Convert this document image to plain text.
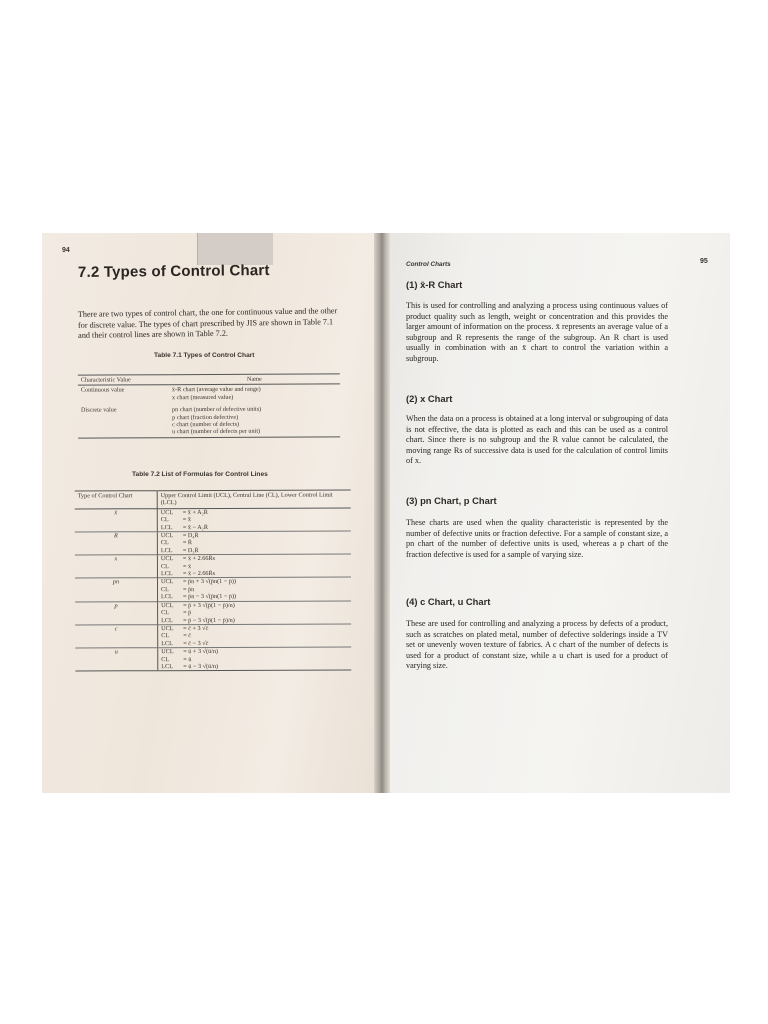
94
7.2 Types of Control Chart

There are two types of control chart, the one for continuous value and the other for discrete value. The types of chart prescribed by JIS are shown in Table 7.1 and their control lines are shown in Table 7.2.

Table 7.1 Types of Control Chart
Characteristic Value	Name
Continuous value	x̄-R chart (average value and range)
x chart (measured value)

Discrete value	pn chart (number of defective units)
p chart (fraction defective)
c chart (number of defects)
u chart (number of defects per unit)
Table 7.2 List of Formulas for Control Lines
Type of Control Chart	Upper Control Limit (UCL), Central Line (CL), Lower Control Limit (LCL)
x̄	UCL = x̄̄ + A₂R̄
CL = x̄̄
LCL = x̄̄ − A₂R̄

R	UCL = D₄R̄
CL = R̄
LCL = D₃R̄

x	UCL = x̄ + 2.66R̄s
CL = x̄
LCL = x̄ − 2.66R̄s

pn	UCL = p̄n + 3 √(p̄n(1 − p̄))
CL = p̄n
LCL = p̄n − 3 √(p̄n(1 − p̄))

p	UCL = p̄ + 3 √(p̄(1 − p̄)/n)
CL = p̄
LCL = p̄ − 3 √(p̄(1 − p̄)/n)

c	UCL = c̄ + 3 √c̄
CL = c̄
LCL = c̄ − 3 √c̄

u	UCL = ū + 3 √(ū/n)
CL = ū
LCL = ū − 3 √(ū/n)
Control Charts	95
(1) x̄-R Chart

This is used for controlling and analyzing a process using continuous values of product quality such as length, weight or concentration and this provides the larger amount of information on the process. x̄ represents an average value of a subgroup and R represents the range of the subgroup. An R chart is used usually in combination with an x̄ chart to control the variation within a subgroup.

(2) x Chart

When the data on a process is obtained at a long interval or subgrouping of data is not effective, the data is plotted as each and this can be used as a control chart. Since there is no subgroup and the R value cannot be calculated, the moving range Rs of successive data is used for the calculation of control limits of x.

(3) pn Chart, p Chart

These charts are used when the quality characteristic is represented by the number of defective units or fraction defective. For a sample of constant size, a pn chart of the number of defective units is used, whereas a p chart of the fraction defective is used for a sample of varying size.

(4) c Chart, u Chart

These are used for controlling and analyzing a process by defects of a product, such as scratches on plated metal, number of defective solderings inside a TV set or unevenly woven texture of fabrics. A c chart of the number of defects is used for a product of constant size, while a u chart is used for a product of varying size.
